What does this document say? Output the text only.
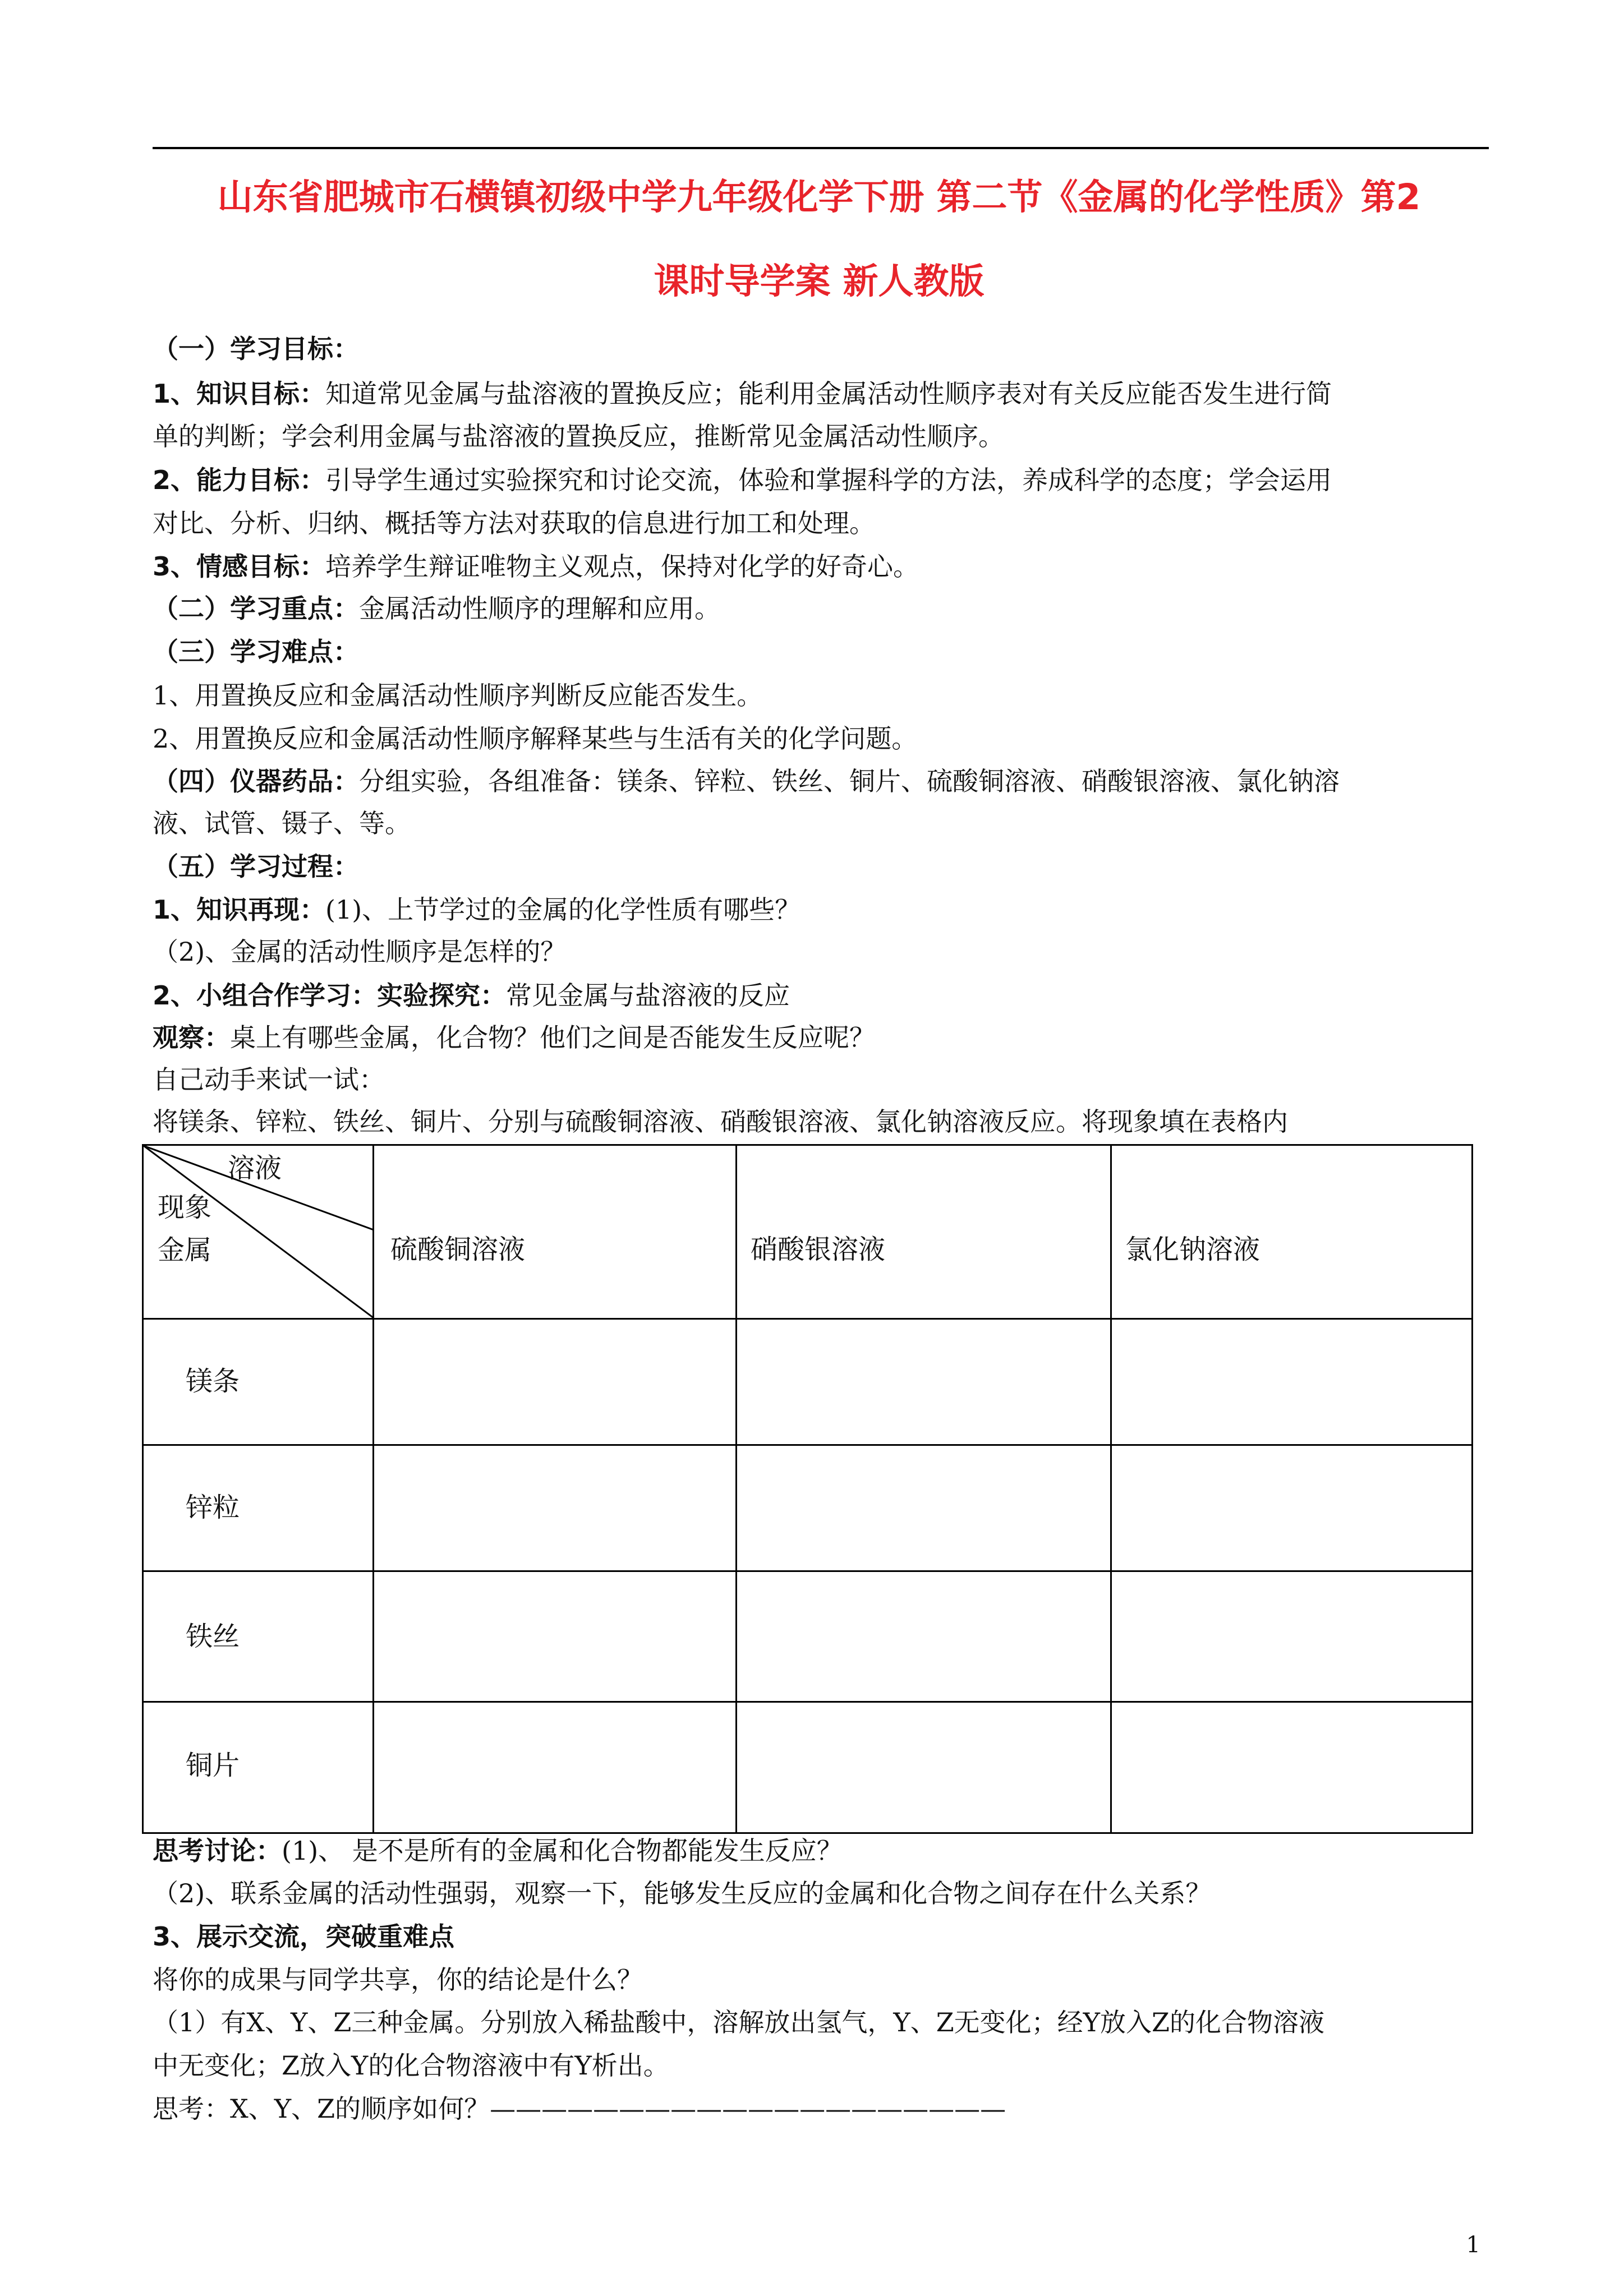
山东省肥城市石横镇初级中学九年级化学下册 第二节《金属的化学性质》第2
课时导学案 新人教版
（一）学习目标：
1、知识目标：知道常见金属与盐溶液的置换反应；能利用金属活动性顺序表对有关反应能否发生进行简
单的判断；学会利用金属与盐溶液的置换反应，推断常见金属活动性顺序。
2、能力目标：引导学生通过实验探究和讨论交流，体验和掌握科学的方法，养成科学的态度；学会运用
对比、分析、归纳、概括等方法对获取的信息进行加工和处理。
3、情感目标：培养学生辩证唯物主义观点，保持对化学的好奇心。
（二）学习重点：金属活动性顺序的理解和应用。
（三）学习难点：
1、用置换反应和金属活动性顺序判断反应能否发生。
2、用置换反应和金属活动性顺序解释某些与生活有关的化学问题。
（四）仪器药品：分组实验，各组准备：镁条、锌粒、铁丝、铜片、硫酸铜溶液、硝酸银溶液、氯化钠溶
液、试管、镊子、等。
（五）学习过程：
1、知识再现：(1)、上节学过的金属的化学性质有哪些？
（2)、金属的活动性顺序是怎样的？
2、小组合作学习：实验探究：常见金属与盐溶液的反应
观察：桌上有哪些金属，化合物？他们之间是否能发生反应呢？
自己动手来试一试：
将镁条、锌粒、铁丝、铜片、分别与硫酸铜溶液、硝酸银溶液、氯化钠溶液反应。将现象填在表格内
溶液
现象
金属	硫酸铜溶液	硝酸银溶液	氯化钠溶液
镁条
锌粒
铁丝
铜片
思考讨论：(1)、 是不是所有的金属和化合物都能发生反应？
（2)、联系金属的活动性强弱，观察一下，能够发生反应的金属和化合物之间存在什么关系？
3、展示交流，突破重难点
将你的成果与同学共享，你的结论是什么？
（1）有X、Y、Z三种金属。分别放入稀盐酸中，溶解放出氢气，Y、Z无变化；经Y放入Z的化合物溶液
中无变化；Z放入Y的化合物溶液中有Y析出。
思考：X、Y、Z的顺序如何？————————————————————
1
